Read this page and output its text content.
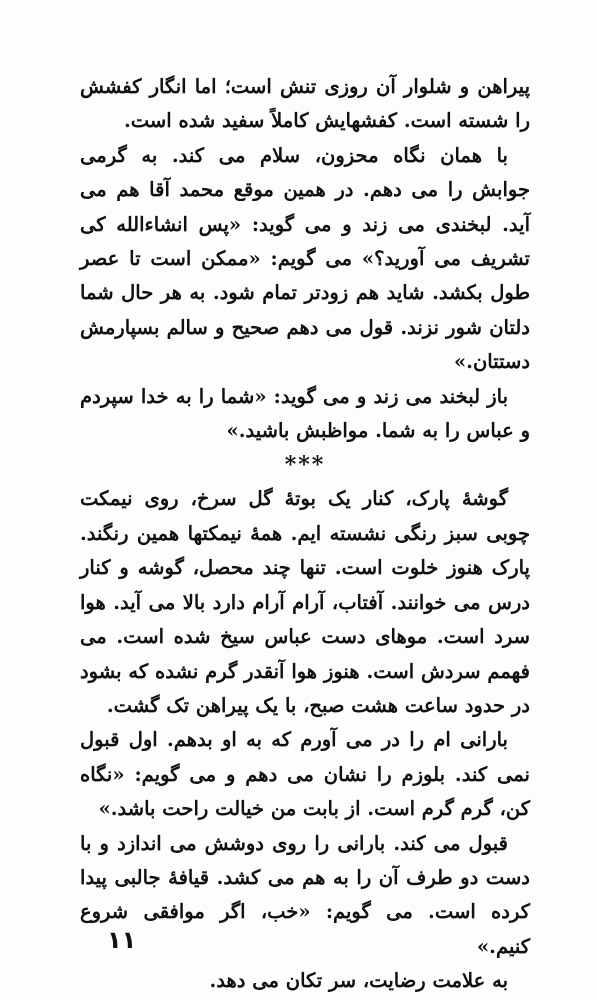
پیراهن و شلوار آن روزی تنش است؛ اما انگار کفشش را شسته است. کفشهایش کاملاً سفید شده است.

با همان نگاه محزون، سلام می کند. به گرمی جوابش را می دهم. در همین موقع محمد آقا هم می آید. لبخندی می زند و می گوید: «پس انشاءالله کی تشریف می آورید؟» می گویم: «ممکن است تا عصر طول بکشد. شاید هم زودتر تمام شود. به هر حال شما دلتان شور نزند. قول می دهم صحیح و سالم بسپارمش دستتان.»

باز لبخند می زند و می گوید: «شما را به خدا سپردم و عباس را به شما. مواظبش باشید.»

***

گوشهٔ پارک، کنار یک بوتهٔ گل سرخ، روی نیمکت چوبی سبز رنگی نشسته ایم. همهٔ نیمکتها همین رنگند. پارک هنوز خلوت است. تنها چند محصل، گوشه و کنار درس می خوانند. آفتاب، آرام آرام دارد بالا می آید. هوا سرد است. موهای دست عباس سیخ شده است. می فهمم سردش است. هنوز هوا آنقدر گرم نشده که بشود در حدود ساعت هشت صبح، با یک پیراهن تک گشت.

بارانی ام را در می آورم که به او بدهم. اول قبول نمی کند. بلوزم را نشان می دهم و می گویم: «نگاه کن، گرم گرم است. از بابت من خیالت راحت باشد.»

قبول می کند. بارانی را روی دوشش می اندازد و با دست دو طرف آن را به هم می کشد. قیافهٔ جالبی پیدا کرده است. می گویم: «خب، اگر موافقی شروع کنیم.»

به علامت رضایت، سر تکان می دهد.

۱۱
